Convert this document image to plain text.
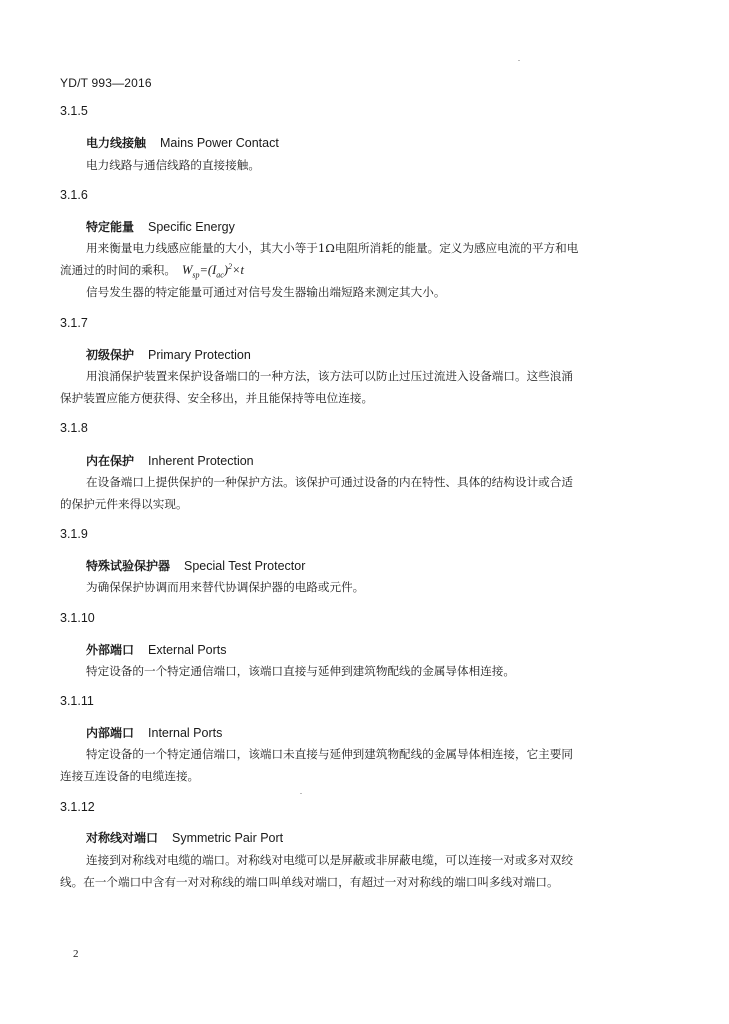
YD/T 993—2016
3.1.5
电力线接触 Mains Power Contact
电力线路与通信线路的直接接触。
3.1.6
特定能量 Specific Energy
用来衡量电力线感应能量的大小，其大小等于1Ω电阻所消耗的能量。定义为感应电流的平方和电
流通过的时间的乘积。 $W_{sp}=(I_{ac})^2\times t$
信号发生器的特定能量可通过对信号发生器输出端短路来测定其大小。
3.1.7
初级保护 Primary Protection
用浪涌保护装置来保护设备端口的一种方法，该方法可以防止过压过流进入设备端口。这些浪涌
保护装置应能方便获得、安全移出，并且能保持等电位连接。
3.1.8
内在保护 Inherent Protection
在设备端口上提供保护的一种保护方法。该保护可通过设备的内在特性、具体的结构设计或合适
的保护元件来得以实现。
3.1.9
特殊试验保护器 Special Test Protector
为确保保护协调而用来替代协调保护器的电路或元件。
3.1.10
外部端口 External Ports
特定设备的一个特定通信端口，该端口直接与延伸到建筑物配线的金属导体相连接。
3.1.11
内部端口 Internal Ports
特定设备的一个特定通信端口，该端口未直接与延伸到建筑物配线的金属导体相连接，它主要同
连接互连设备的电缆连接。
3.1.12
对称线对端口 Symmetric Pair Port
连接到对称线对电缆的端口。对称线对电缆可以是屏蔽或非屏蔽电缆，可以连接一对或多对双绞
线。在一个端口中含有一对对称线的端口叫单线对端口，有超过一对对称线的端口叫多线对端口。
2
